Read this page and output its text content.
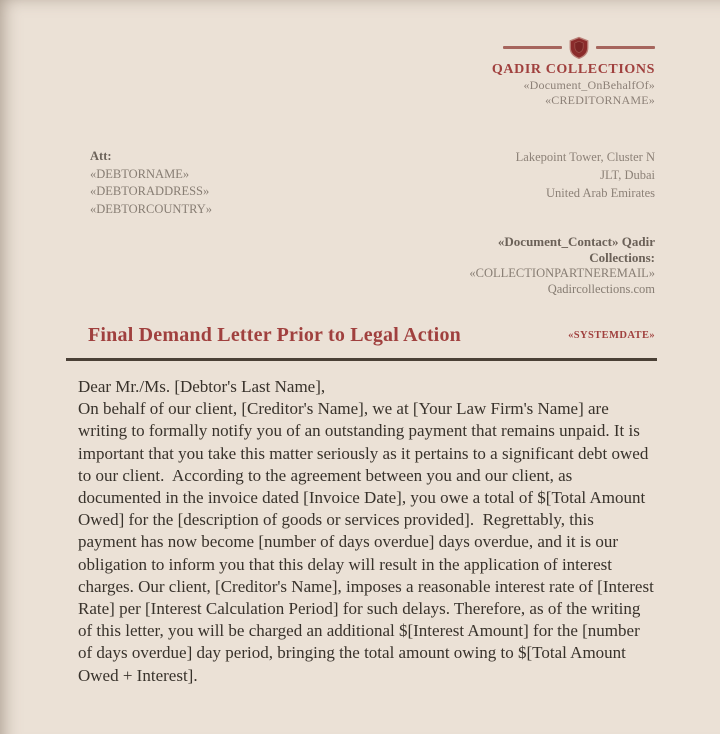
QADIR COLLECTIONS
«Document_OnBehalfOf»
«CREDITORNAME»
Att:
«DEBTORNAME»
«DEBTORADDRESS»
«DEBTORCOUNTRY»
Lakepoint Tower, Cluster N
JLT, Dubai
United Arab Emirates
«Document_Contact» Qadir Collections:
«COLLECTIONPARTNEREMAIL»
Qadircollections.com
Final Demand Letter Prior to Legal Action	«SYSTEMDATE»
Dear Mr./Ms. [Debtor's Last Name],
On behalf of our client, [Creditor's Name], we at [Your Law Firm's Name] are writing to formally notify you of an outstanding payment that remains unpaid. It is important that you take this matter seriously as it pertains to a significant debt owed to our client.  According to the agreement between you and our client, as documented in the invoice dated [Invoice Date], you owe a total of $[Total Amount Owed] for the [description of goods or services provided].  Regrettably, this payment has now become [number of days overdue] days overdue, and it is our obligation to inform you that this delay will result in the application of interest charges. Our client, [Creditor's Name], imposes a reasonable interest rate of [Interest Rate] per [Interest Calculation Period] for such delays. Therefore, as of the writing of this letter, you will be charged an additional $[Interest Amount] for the [number of days overdue] day period, bringing the total amount owing to $[Total Amount Owed + Interest].
